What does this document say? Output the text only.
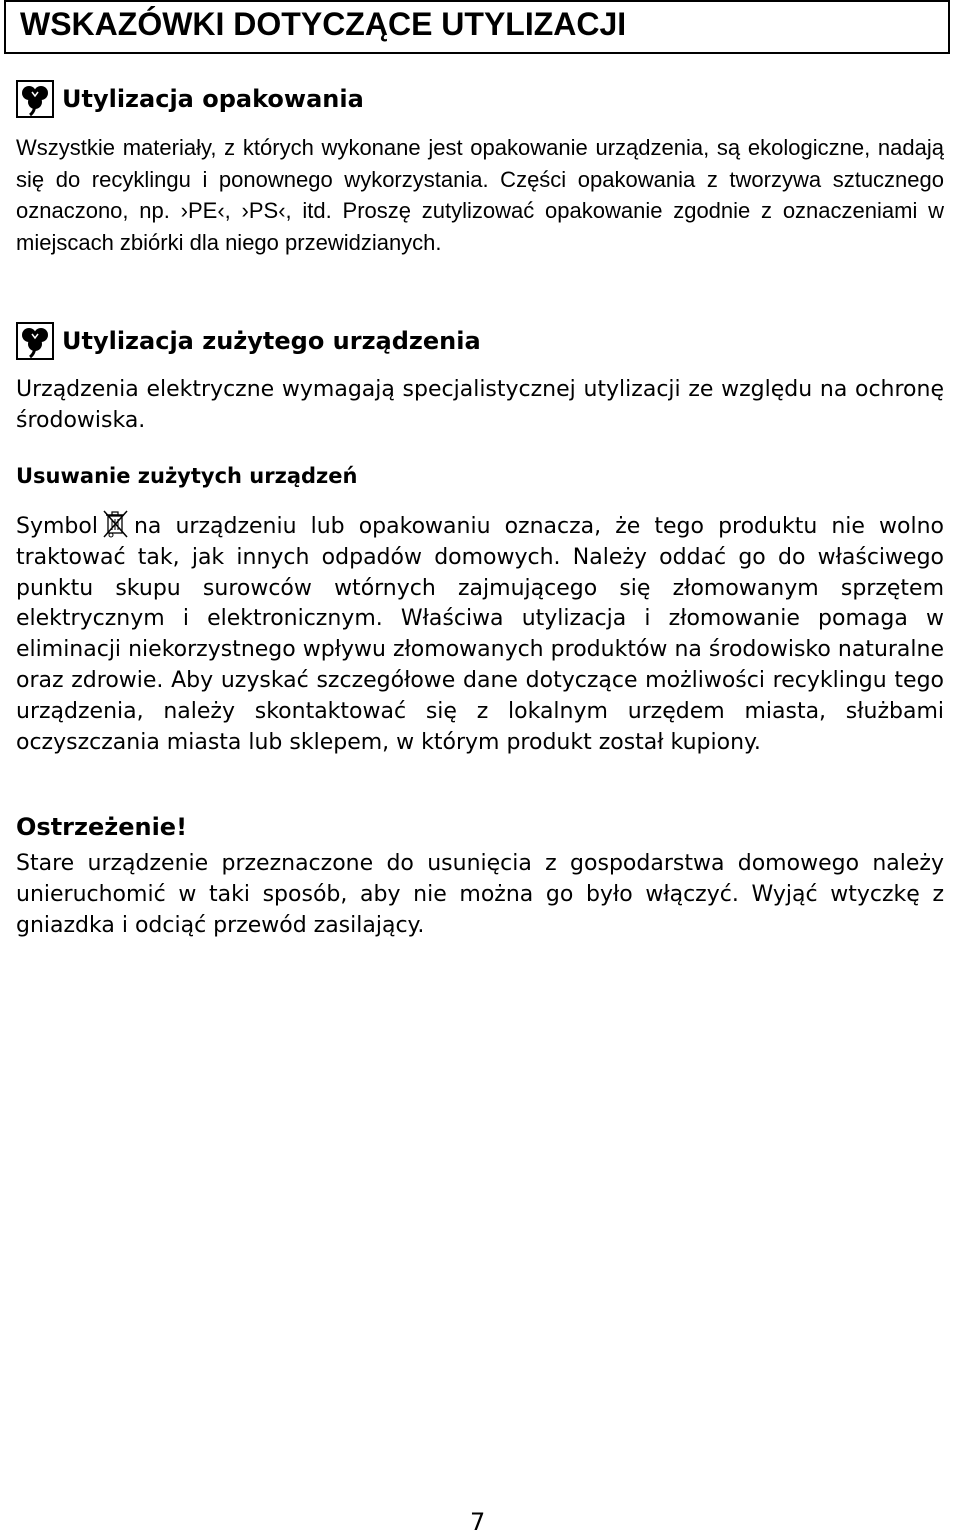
WSKAZÓWKI DOTYCZĄCE UTYLIZACJI
Utylizacja opakowania

Wszystkie materiały, z których wykonane jest opakowanie urządzenia, są ekologiczne, nadają się do recyklingu i ponownego wykorzystania. Części opakowania z tworzywa sztucznego oznaczono, np. ›PE‹, ›PS‹, itd. Proszę zutylizować opakowanie zgodnie z oznaczeniami w miejscach zbiórki dla niego przewidzianych.

Utylizacja zużytego urządzenia

Urządzenia elektryczne wymagają specjalistycznej utylizacji ze względu na ochronę środowiska.

Usuwanie zużytych urządzeń

Symbol na urządzeniu lub opakowaniu oznacza, że tego produktu nie wolno traktować tak, jak innych odpadów domowych. Należy oddać go do właściwego punktu skupu surowców wtórnych zajmującego się złomowanym sprzętem elektrycznym i elektronicznym. Właściwa utylizacja i złomowanie pomaga w eliminacji niekorzystnego wpływu złomowanych produktów na środowisko naturalne oraz zdrowie. Aby uzyskać szczegółowe dane dotyczące możliwości recyklingu tego urządzenia, należy skontaktować się z lokalnym urzędem miasta, służbami oczyszczania miasta lub sklepem, w którym produkt został kupiony.

Ostrzeżenie!

Stare urządzenie przeznaczone do usunięcia z gospodarstwa domowego należy unieruchomić w taki sposób, aby nie można go było włączyć. Wyjąć wtyczkę z gniazdka i odciąć przewód zasilający.

7
